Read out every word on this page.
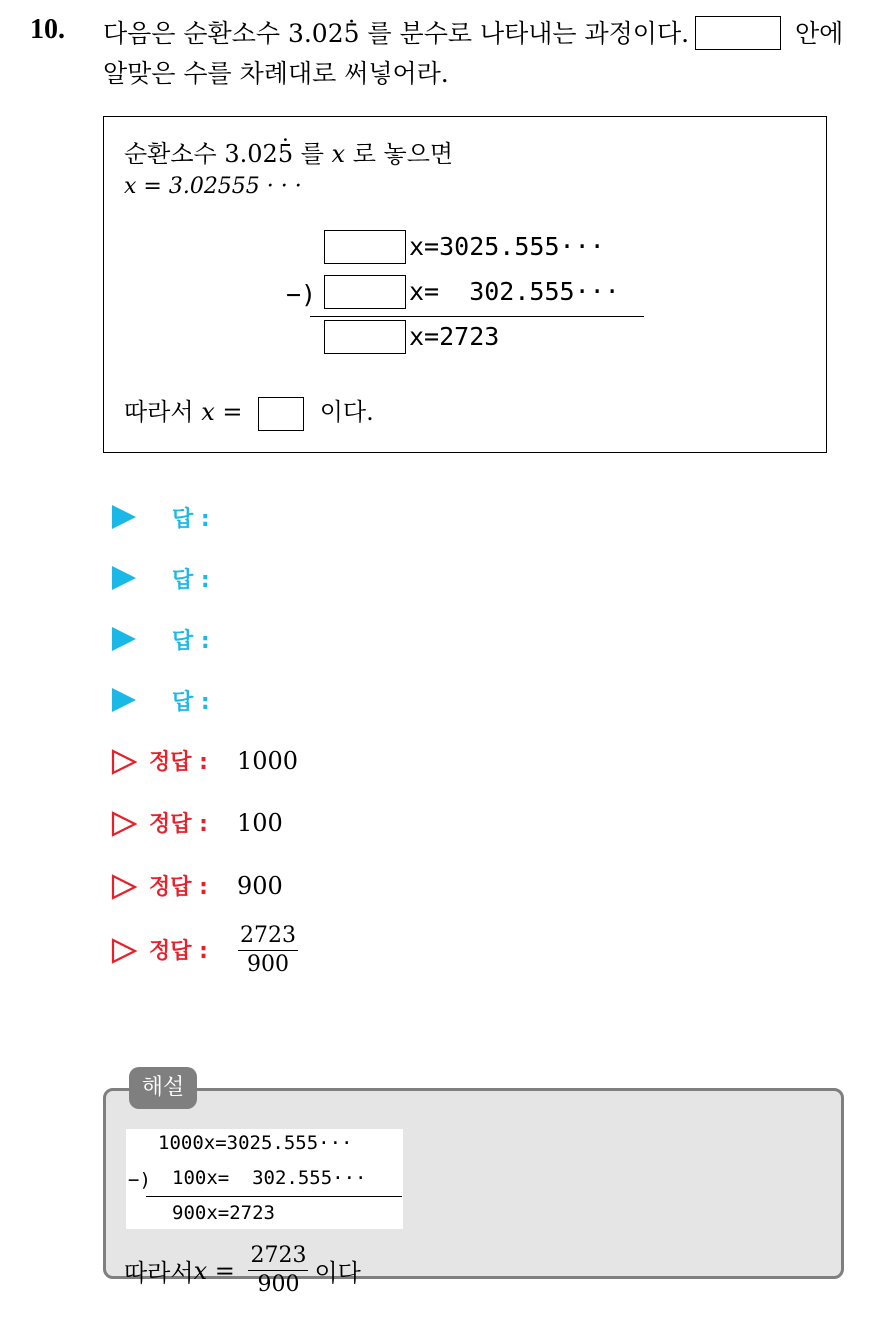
10. 다음은 순환소수 3.025 · 를 분수로 나타내는 과정이다.	안에
알맞은 수를 차례대로 써넣어라.
순환소수 3.025 · 를 x 로 놓으면
x = 3.02555 · · ·
x=3025.555···
−)	x=  302.555···
x=2723
따라서 x =	이다.
답 :
답 :
답 :
답 :
정답 : 1000
정답 : 100
정답 : 900
정답 : $\frac{2723}{900}$
해설
1000x=3025.555···
−) 100x=  302.555···
900x=2723
따라서 $x = \frac{2723}{900}$ 이다
